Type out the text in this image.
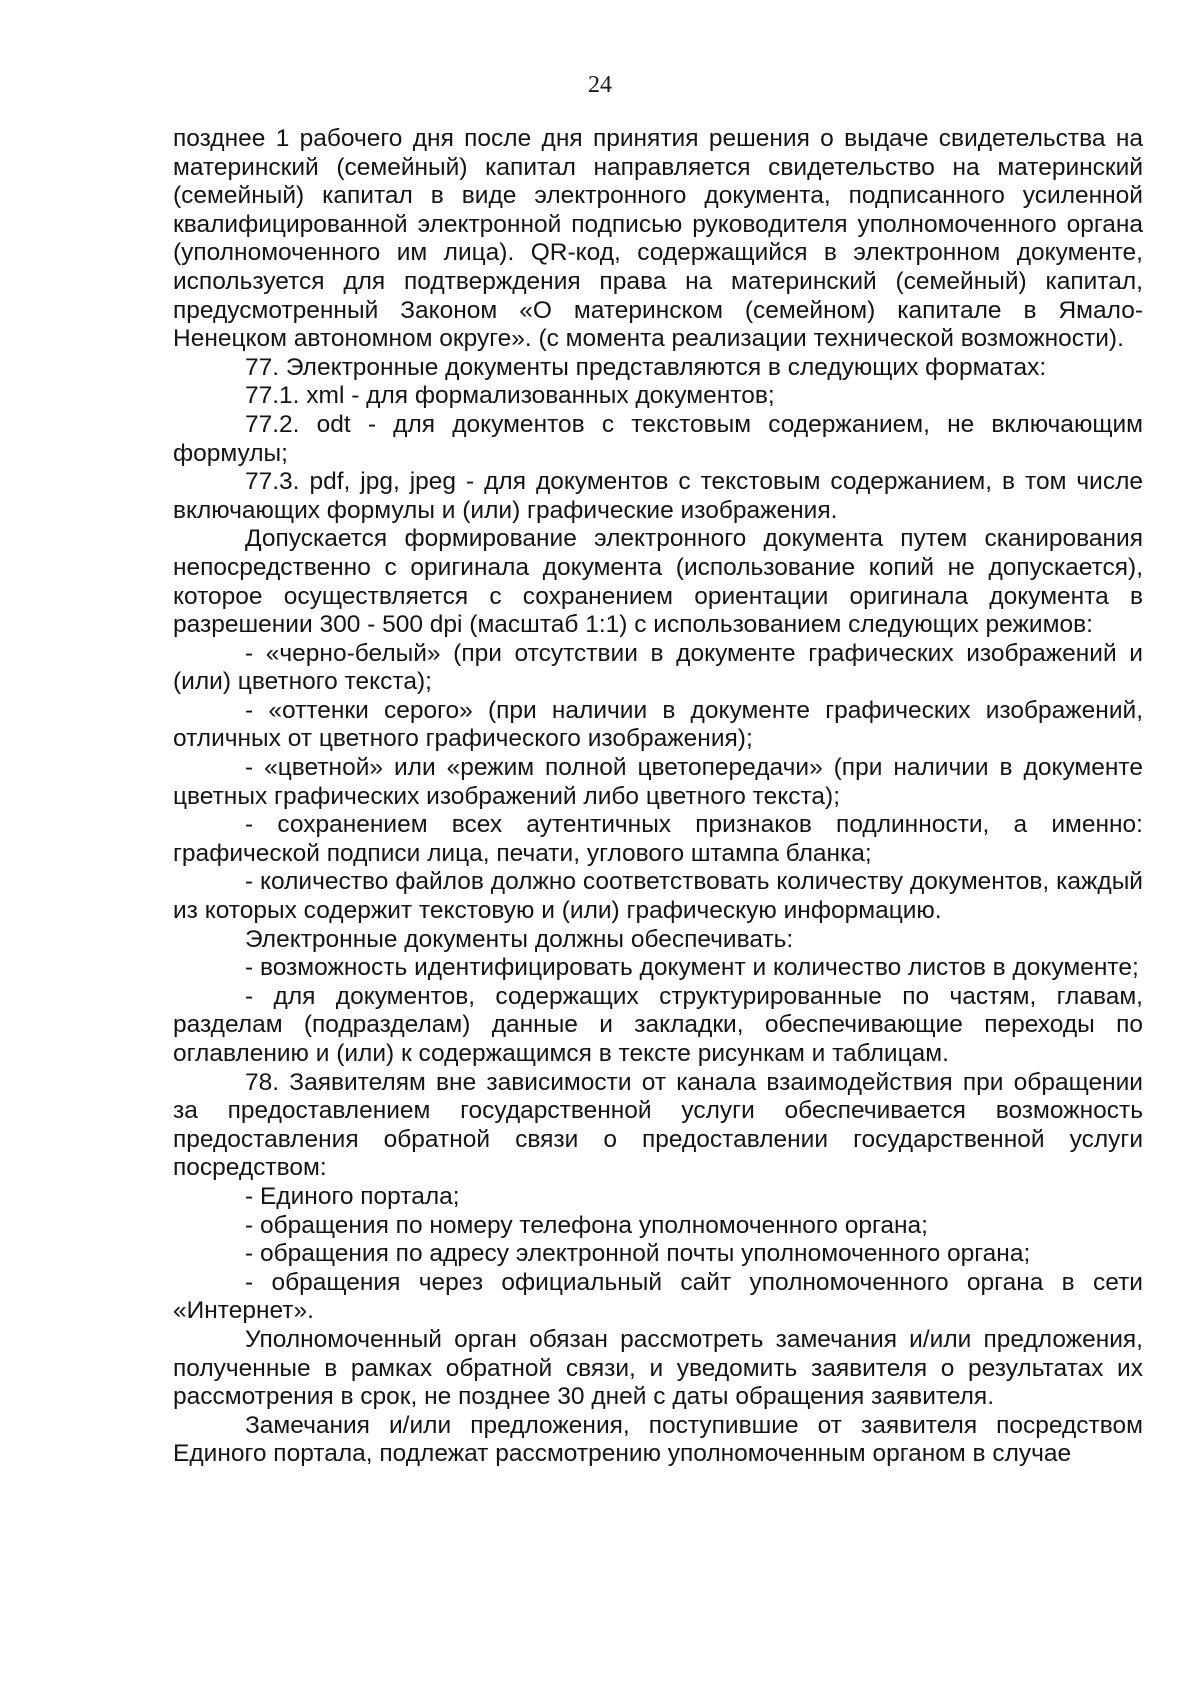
24

позднее 1 рабочего дня после дня принятия решения о выдаче свидетельства на материнский (семейный) капитал направляется свидетельство на материнский (семейный) капитал в виде электронного документа, подписанного усиленной квалифицированной электронной подписью руководителя уполномоченного органа (уполномоченного им лица). QR-код, содержащийся в электронном документе, используется для подтверждения права на материнский (семейный) капитал, предусмотренный Законом «О материнском (семейном) капитале в Ямало-Ненецком автономном округе». (с момента реализации технической возможности).

77. Электронные документы представляются в следующих форматах:

77.1. xml - для формализованных документов;

77.2. odt - для документов с текстовым содержанием, не включающим формулы;

77.3. pdf, jpg, jpeg - для документов с текстовым содержанием, в том числе включающих формулы и (или) графические изображения.

Допускается формирование электронного документа путем сканирования непосредственно с оригинала документа (использование копий не допускается), которое осуществляется с сохранением ориентации оригинала документа в разрешении 300 - 500 dpi (масштаб 1:1) с использованием следующих режимов:

- «черно-белый» (при отсутствии в документе графических изображений и (или) цветного текста);

- «оттенки серого» (при наличии в документе графических изображений, отличных от цветного графического изображения);

- «цветной» или «режим полной цветопередачи» (при наличии в документе цветных графических изображений либо цветного текста);

- сохранением всех аутентичных признаков подлинности, а именно: графической подписи лица, печати, углового штампа бланка;

- количество файлов должно соответствовать количеству документов, каждый из которых содержит текстовую и (или) графическую информацию.

Электронные документы должны обеспечивать:

- возможность идентифицировать документ и количество листов в документе;

- для документов, содержащих структурированные по частям, главам, разделам (подразделам) данные и закладки, обеспечивающие переходы по оглавлению и (или) к содержащимся в тексте рисункам и таблицам.

78. Заявителям вне зависимости от канала взаимодействия при обращении за предоставлением государственной услуги обеспечивается возможность предоставления обратной связи о предоставлении государственной услуги посредством:

- Единого портала;

- обращения по номеру телефона уполномоченного органа;

- обращения по адресу электронной почты уполномоченного органа;

- обращения через официальный сайт уполномоченного органа в сети «Интернет».

Уполномоченный орган обязан рассмотреть замечания и/или предложения, полученные в рамках обратной связи, и уведомить заявителя о результатах их рассмотрения в срок, не позднее 30 дней с даты обращения заявителя.

Замечания и/или предложения, поступившие от заявителя посредством Единого портала, подлежат рассмотрению уполномоченным органом в случае
